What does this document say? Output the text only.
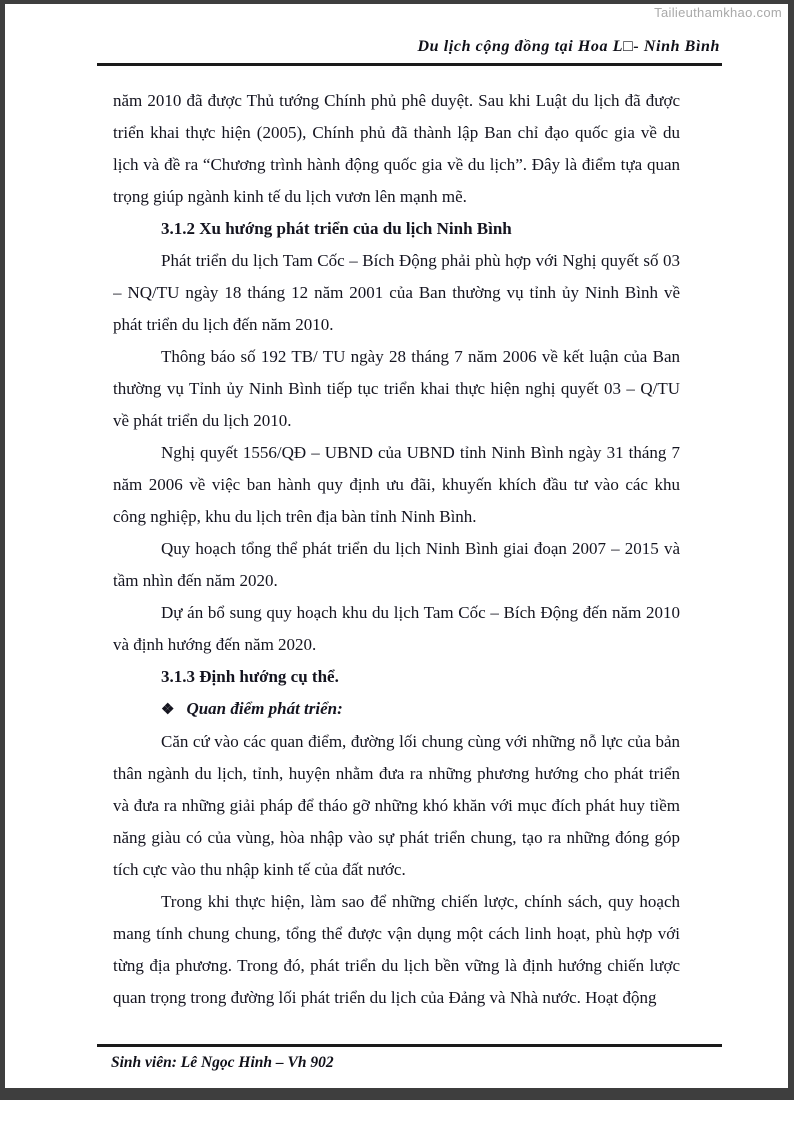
Tailieuthamkhao.com
Du lịch cộng đồng tại Hoa L□- Ninh Bình

năm 2010 đã được Thủ tướng Chính phủ phê duyệt. Sau khi Luật du lịch đã được triển khai thực hiện (2005), Chính phủ đã thành lập Ban chỉ đạo quốc gia về du lịch và đề ra “Chương trình hành động quốc gia về du lịch”. Đây là điểm tựa quan trọng giúp ngành kinh tế du lịch vươn lên mạnh mẽ.

3.1.2 Xu hướng phát triển của du lịch Ninh Bình

Phát triển du lịch Tam Cốc – Bích Động phải phù hợp với Nghị quyết số 03 – NQ/TU ngày 18 tháng 12 năm 2001 của Ban thường vụ tỉnh ủy Ninh Bình về phát triển du lịch đến năm 2010.

Thông báo số 192 TB/ TU ngày 28 tháng 7 năm 2006 về kết luận của Ban thường vụ Tỉnh ủy Ninh Bình tiếp tục triển khai thực hiện nghị quyết 03 – Q/TU về phát triển du lịch 2010.

Nghị quyết 1556/QĐ – UBND của UBND tỉnh Ninh Bình ngày 31 tháng 7 năm 2006 về việc ban hành quy định ưu đãi, khuyến khích đầu tư vào các khu công nghiệp, khu du lịch trên địa bàn tỉnh Ninh Bình.

Quy hoạch tổng thể phát triển du lịch Ninh Bình giai đoạn 2007 – 2015 và tầm nhìn đến năm 2020.

Dự án bổ sung quy hoạch khu du lịch Tam Cốc – Bích Động đến năm 2010 và định hướng đến năm 2020.

3.1.3 Định hướng cụ thể.

❖ Quan điểm phát triển:

Căn cứ vào các quan điểm, đường lối chung cùng với những nỗ lực của bản thân ngành du lịch, tỉnh, huyện nhằm đưa ra những phương hướng cho phát triển và đưa ra những giải pháp để tháo gỡ những khó khăn với mục đích phát huy tiềm năng giàu có của vùng, hòa nhập vào sự phát triển chung, tạo ra những đóng góp tích cực vào thu nhập kinh tế của đất nước.

Trong khi thực hiện, làm sao để những chiến lược, chính sách, quy hoạch mang tính chung chung, tổng thể được vận dụng một cách linh hoạt, phù hợp với từng địa phương. Trong đó, phát triển du lịch bền vững là định hướng chiến lược quan trọng trong đường lối phát triển du lịch của Đảng và Nhà nước. Hoạt động

Sinh viên: Lê Ngọc Hinh – Vh 902
